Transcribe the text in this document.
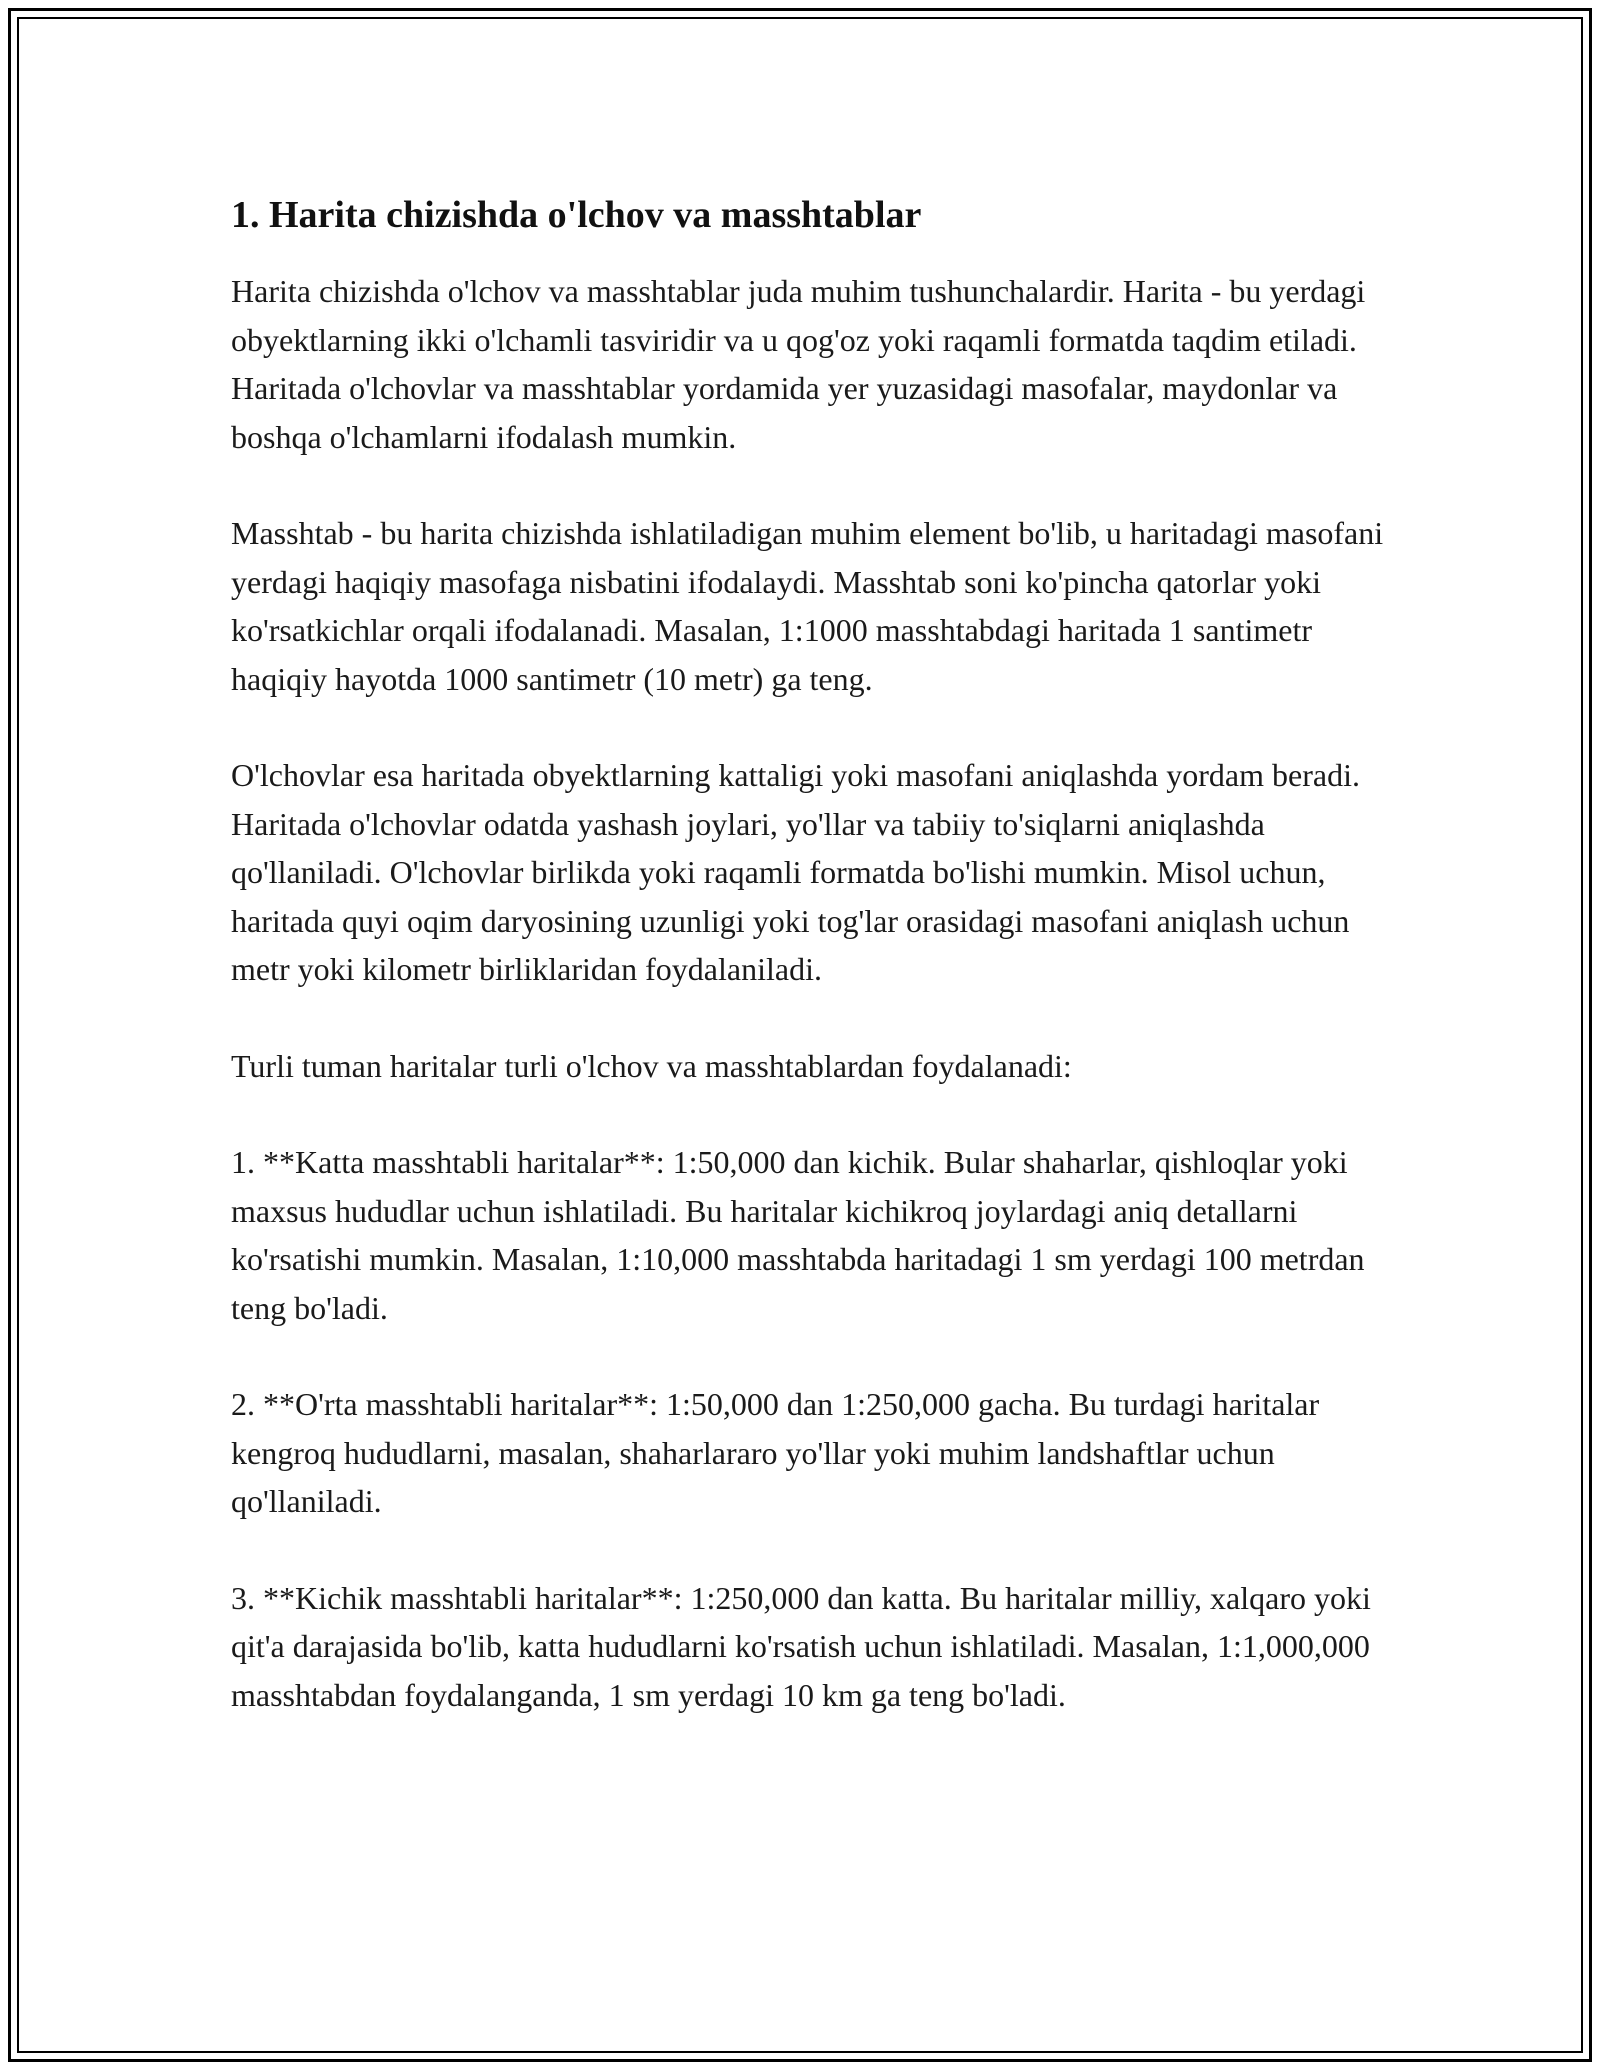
1. Harita chizishda o'lchov va masshtablar

Harita chizishda o'lchov va masshtablar juda muhim tushunchalardir. Harita - bu yerdagi obyektlarning ikki o'lchamli tasviridir va u qog'oz yoki raqamli formatda taqdim etiladi. Haritada o'lchovlar va masshtablar yordamida yer yuzasidagi masofalar, maydonlar va boshqa o'lchamlarni ifodalash mumkin.

Masshtab - bu harita chizishda ishlatiladigan muhim element bo'lib, u haritadagi masofani yerdagi haqiqiy masofaga nisbatini ifodalaydi. Masshtab soni ko'pincha qatorlar yoki ko'rsatkichlar orqali ifodalanadi. Masalan, 1:1000 masshtabdagi haritada 1 santimetr haqiqiy hayotda 1000 santimetr (10 metr) ga teng.

O'lchovlar esa haritada obyektlarning kattaligi yoki masofani aniqlashda yordam beradi. Haritada o'lchovlar odatda yashash joylari, yo'llar va tabiiy to'siqlarni aniqlashda qo'llaniladi. O'lchovlar birlikda yoki raqamli formatda bo'lishi mumkin. Misol uchun, haritada quyi oqim daryosining uzunligi yoki tog'lar orasidagi masofani aniqlash uchun metr yoki kilometr birliklaridan foydalaniladi.

Turli tuman haritalar turli o'lchov va masshtablardan foydalanadi:

1. **Katta masshtabli haritalar**: 1:50,000 dan kichik. Bular shaharlar, qishloqlar yoki maxsus hududlar uchun ishlatiladi. Bu haritalar kichikroq joylardagi aniq detallarni ko'rsatishi mumkin. Masalan, 1:10,000 masshtabda haritadagi 1 sm yerdagi 100 metrdan teng bo'ladi.

2. **O'rta masshtabli haritalar**: 1:50,000 dan 1:250,000 gacha. Bu turdagi haritalar kengroq hududlarni, masalan, shaharlararo yo'llar yoki muhim landshaftlar uchun qo'llaniladi.

3. **Kichik masshtabli haritalar**: 1:250,000 dan katta. Bu haritalar milliy, xalqaro yoki qit'a darajasida bo'lib, katta hududlarni ko'rsatish uchun ishlatiladi. Masalan, 1:1,000,000 masshtabdan foydalanganda, 1 sm yerdagi 10 km ga teng bo'ladi.
